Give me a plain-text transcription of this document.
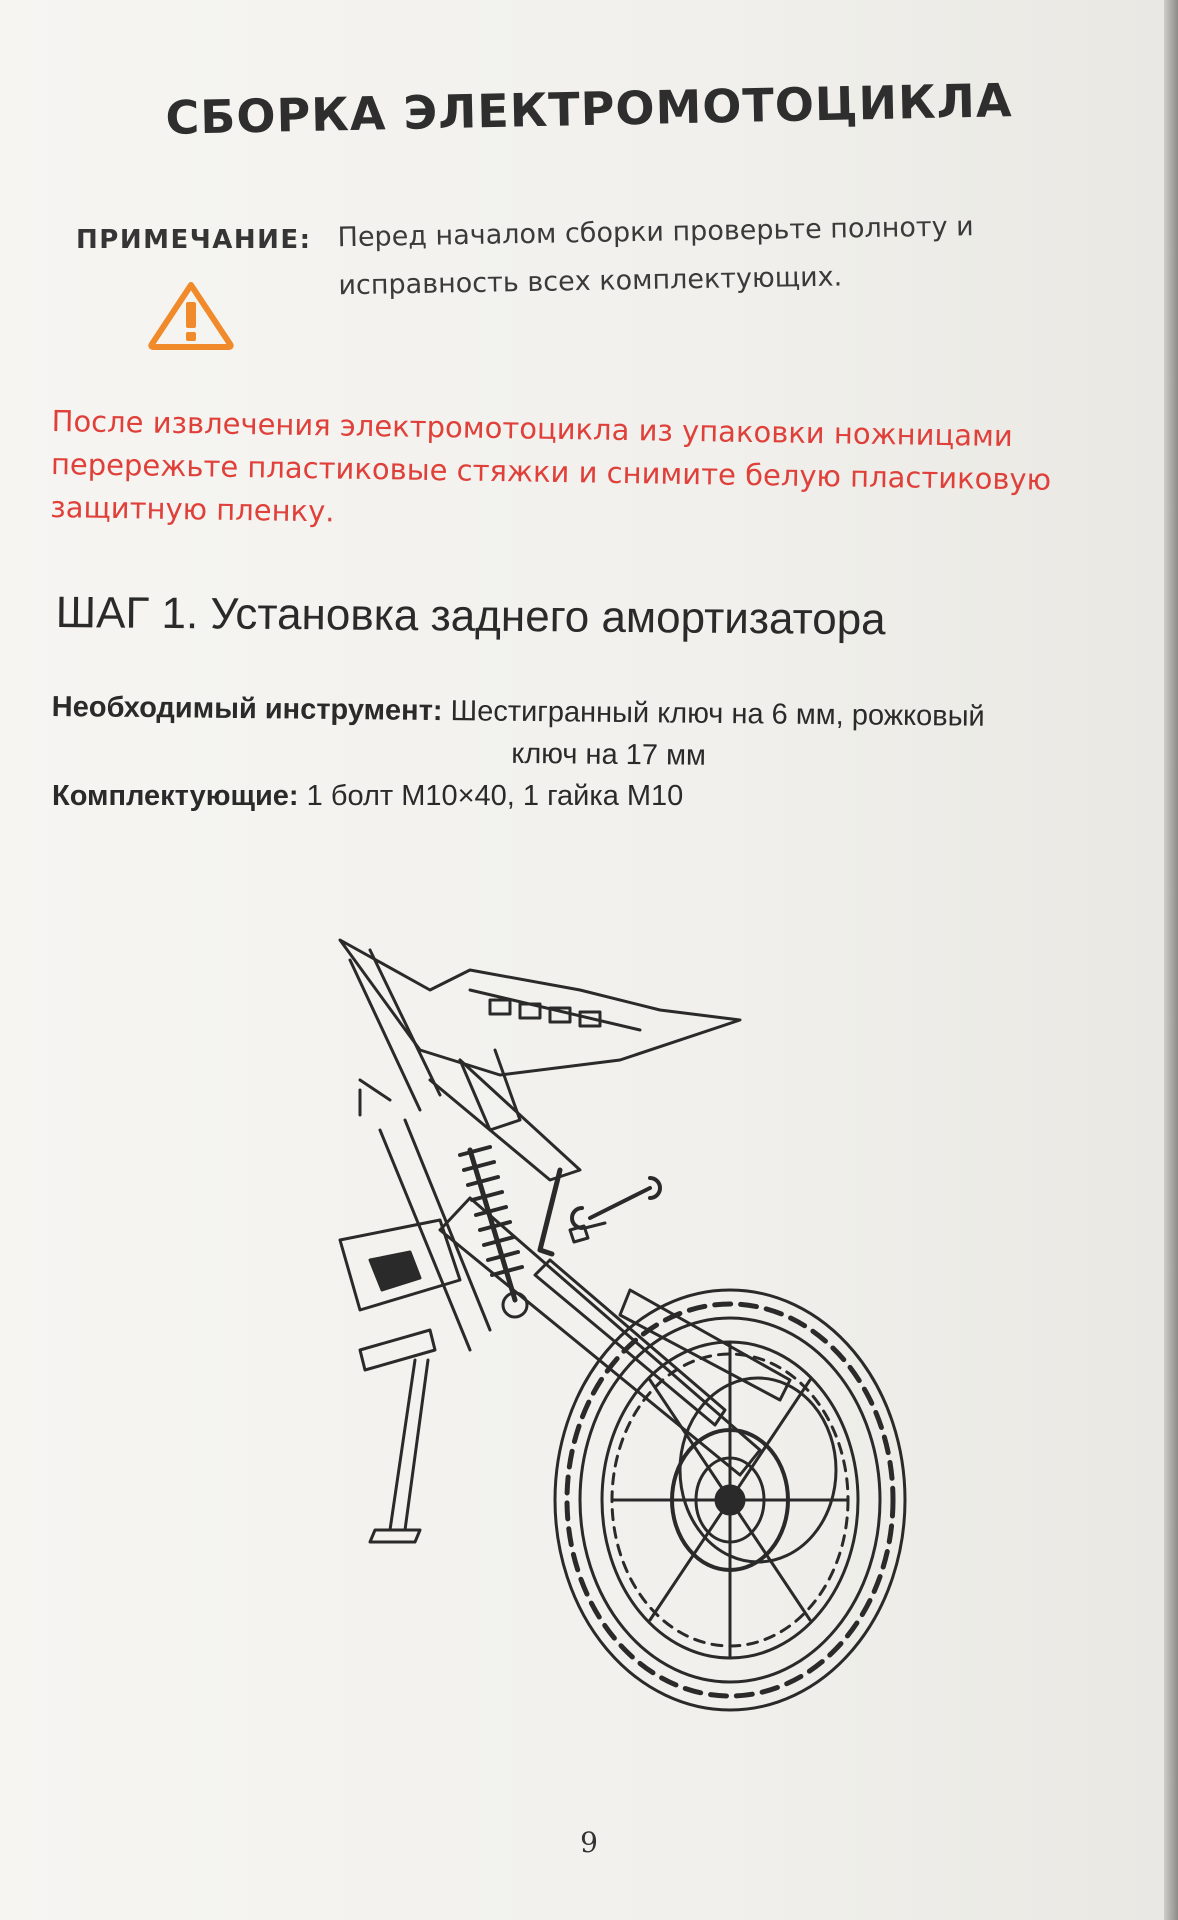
СБОРКА ЭЛЕКТРОМОТОЦИКЛА
ПРИМЕЧАНИЕ: Перед началом сборки проверьте полноту и исправность всех комплектующих.
После извлечения электромотоцикла из упаковки ножницами перережьте пластиковые стяжки и снимите белую пластиковую защитную пленку.
ШАГ 1. Установка заднего амортизатора
Необходимый инструмент: Шестигранный ключ на 6 мм, рожковый
ключ на 17 мм
Комплектующие: 1 болт M10×40, 1 гайка M10
9
